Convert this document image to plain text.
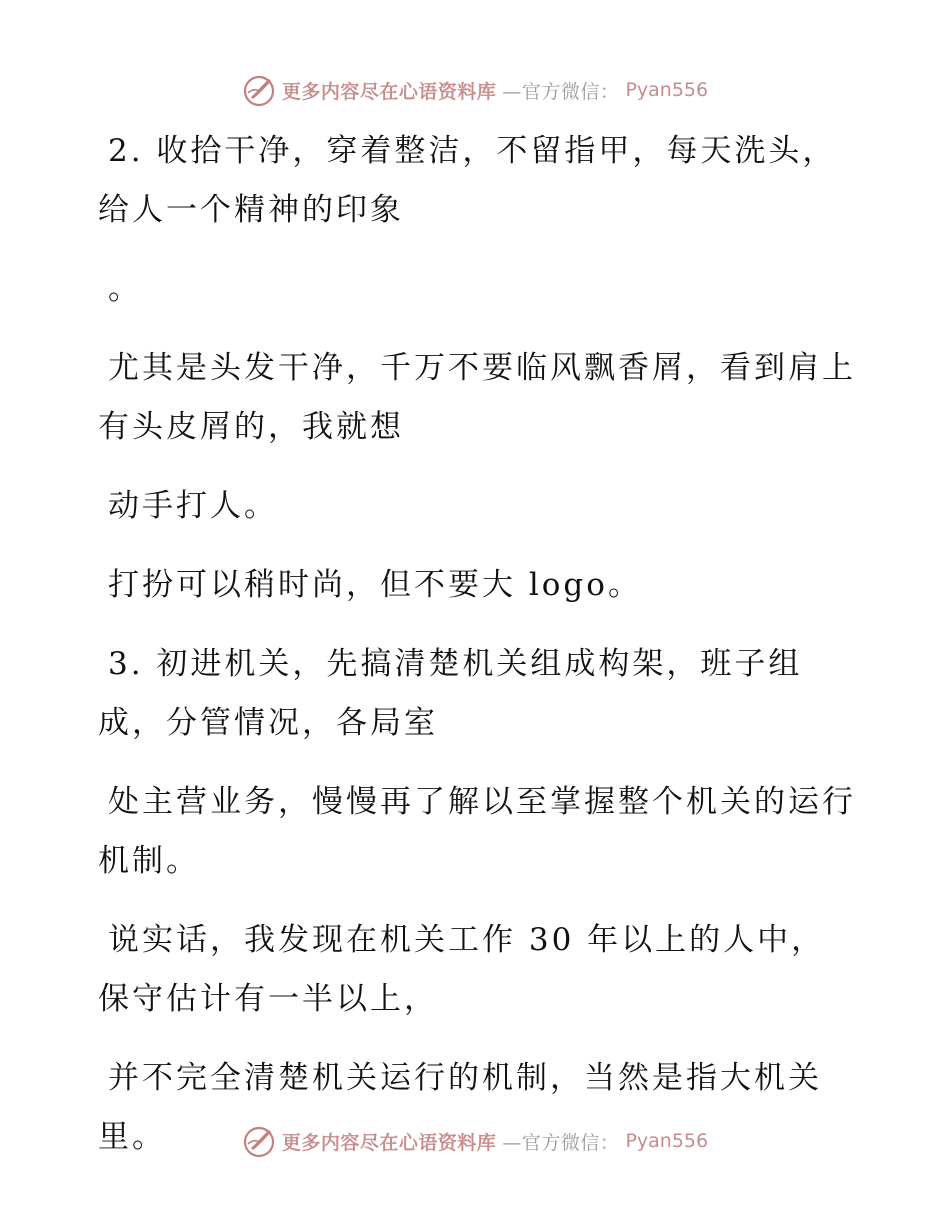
更多内容尽在心语资料库 —官方微信： Pyan556

2. 收拾干净，穿着整洁，不留指甲，每天洗头，给人一个精神的印象

。

尤其是头发干净，千万不要临风飘香屑，看到肩上有头皮屑的，我就想

动手打人。

打扮可以稍时尚，但不要大 logo。

3. 初进机关，先搞清楚机关组成构架，班子组成，分管情况，各局室

处主营业务，慢慢再了解以至掌握整个机关的运行机制。

说实话，我发现在机关工作 30 年以上的人中，保守估计有一半以上，

并不完全清楚机关运行的机制，当然是指大机关里。	更多内容尽在心语资料库 —官方微信： Pyan556
